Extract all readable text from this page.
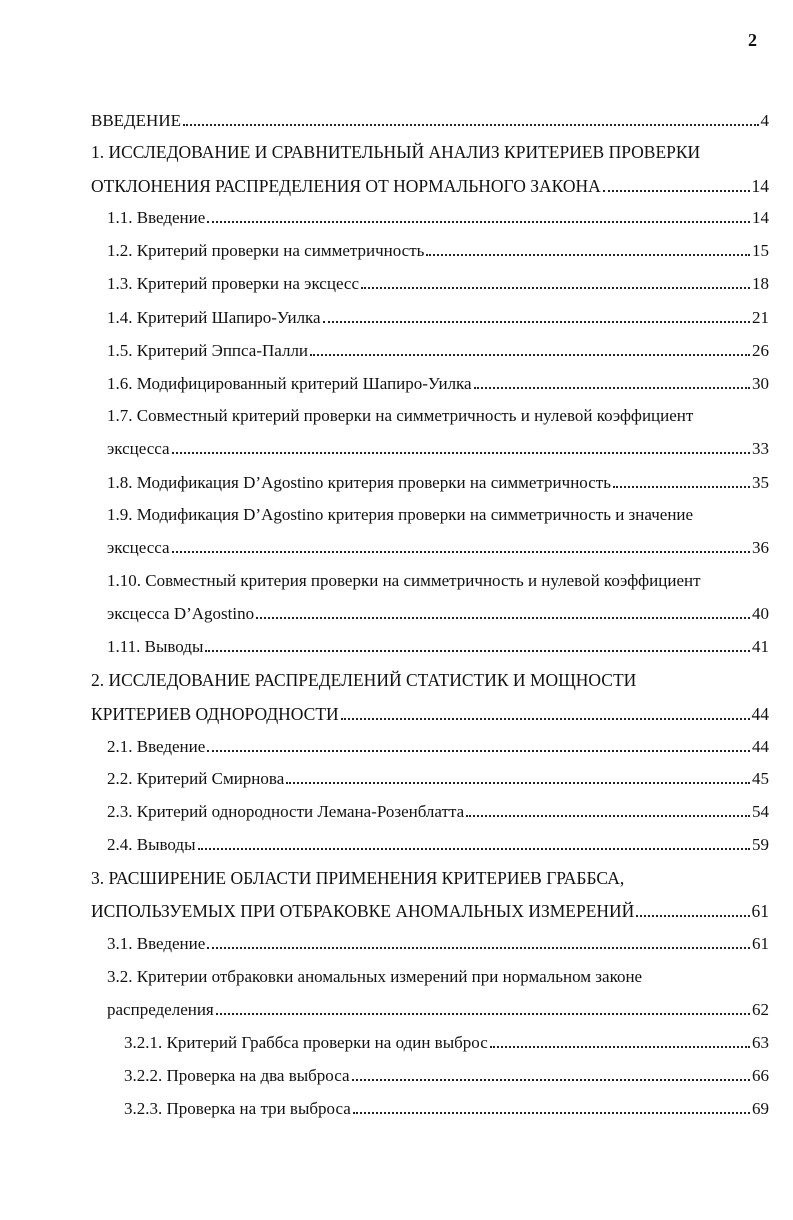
2
ВВЕДЕНИЕ	4
1. ИССЛЕДОВАНИЕ И СРАВНИТЕЛЬНЫЙ АНАЛИЗ КРИТЕРИЕВ ПРОВЕРКИ
ОТКЛОНЕНИЯ РАСПРЕДЕЛЕНИЯ ОТ НОРМАЛЬНОГО ЗАКОНА	14
1.1. Введение	14
1.2. Критерий проверки на симметричность	15
1.3. Критерий проверки на эксцесс	18
1.4. Критерий Шапиро-Уилка	21
1.5. Критерий Эппса-Палли	26
1.6. Модифицированный критерий Шапиро-Уилка	30
1.7. Совместный критерий проверки на симметричность и нулевой коэффициент
эксцесса	33
1.8. Модификация D’Agostino критерия проверки на симметричность	35
1.9. Модификация D’Agostino критерия проверки на симметричность и значение
эксцесса	36
1.10. Совместный критерия проверки на симметричность и нулевой коэффициент
эксцесса D’Agostino	40
1.11. Выводы	41
2. ИССЛЕДОВАНИЕ РАСПРЕДЕЛЕНИЙ СТАТИСТИК И МОЩНОСТИ
КРИТЕРИЕВ ОДНОРОДНОСТИ	44
2.1. Введение	44
2.2. Критерий Смирнова	45
2.3. Критерий однородности Лемана-Розенблатта	54
2.4. Выводы	59
3. РАСШИРЕНИЕ ОБЛАСТИ ПРИМЕНЕНИЯ КРИТЕРИЕВ ГРАББСА,
ИСПОЛЬЗУЕМЫХ ПРИ ОТБРАКОВКЕ АНОМАЛЬНЫХ ИЗМЕРЕНИЙ	61
3.1. Введение	61
3.2. Критерии отбраковки аномальных измерений при нормальном законе
распределения	62
3.2.1. Критерий Граббса проверки на один выброс	63
3.2.2. Проверка на два выброса	66
3.2.3. Проверка на три выброса	69
